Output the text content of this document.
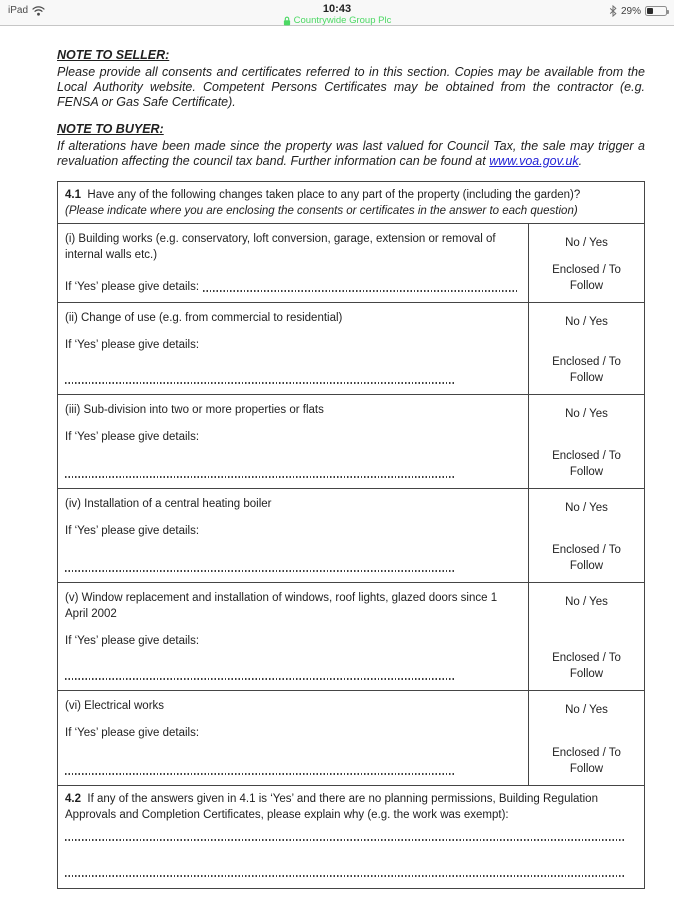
iPad	10:43
Countrywide Group Plc
29%
NOTE TO SELLER:
Please provide all consents and certificates referred to in this section. Copies may be available from the Local Authority website. Competent Persons Certificates may be obtained from the contractor (e.g. FENSA or Gas Safe Certificate).
NOTE TO BUYER:
If alterations have been made since the property was last valued for Council Tax, the sale may trigger a revaluation affecting the council tax band. Further information can be found at www.voa.gov.uk.
4.1 Have any of the following changes taken place to any part of the property (including the garden)?
(Please indicate where you are enclosing the consents or certificates in the answer to each question)
(i) Building works (e.g. conservatory, loft conversion, garage, extension or removal of internal walls etc.)
If ‘Yes’ please give details:
No / Yes
Enclosed / To Follow
(ii) Change of use (e.g. from commercial to residential)
If ‘Yes’ please give details:
No / Yes
Enclosed / To Follow
(iii) Sub-division into two or more properties or flats
If ‘Yes’ please give details:
No / Yes
Enclosed / To Follow
(iv) Installation of a central heating boiler
If ‘Yes’ please give details:
No / Yes
Enclosed / To Follow
(v) Window replacement and installation of windows, roof lights, glazed doors since 1 April 2002
If ‘Yes’ please give details:
No / Yes
Enclosed / To Follow
(vi) Electrical works
If ‘Yes’ please give details:
No / Yes
Enclosed / To Follow
4.2 If any of the answers given in 4.1 is ‘Yes’ and there are no planning permissions, Building Regulation Approvals and Completion Certificates, please explain why (e.g. the work was exempt):
